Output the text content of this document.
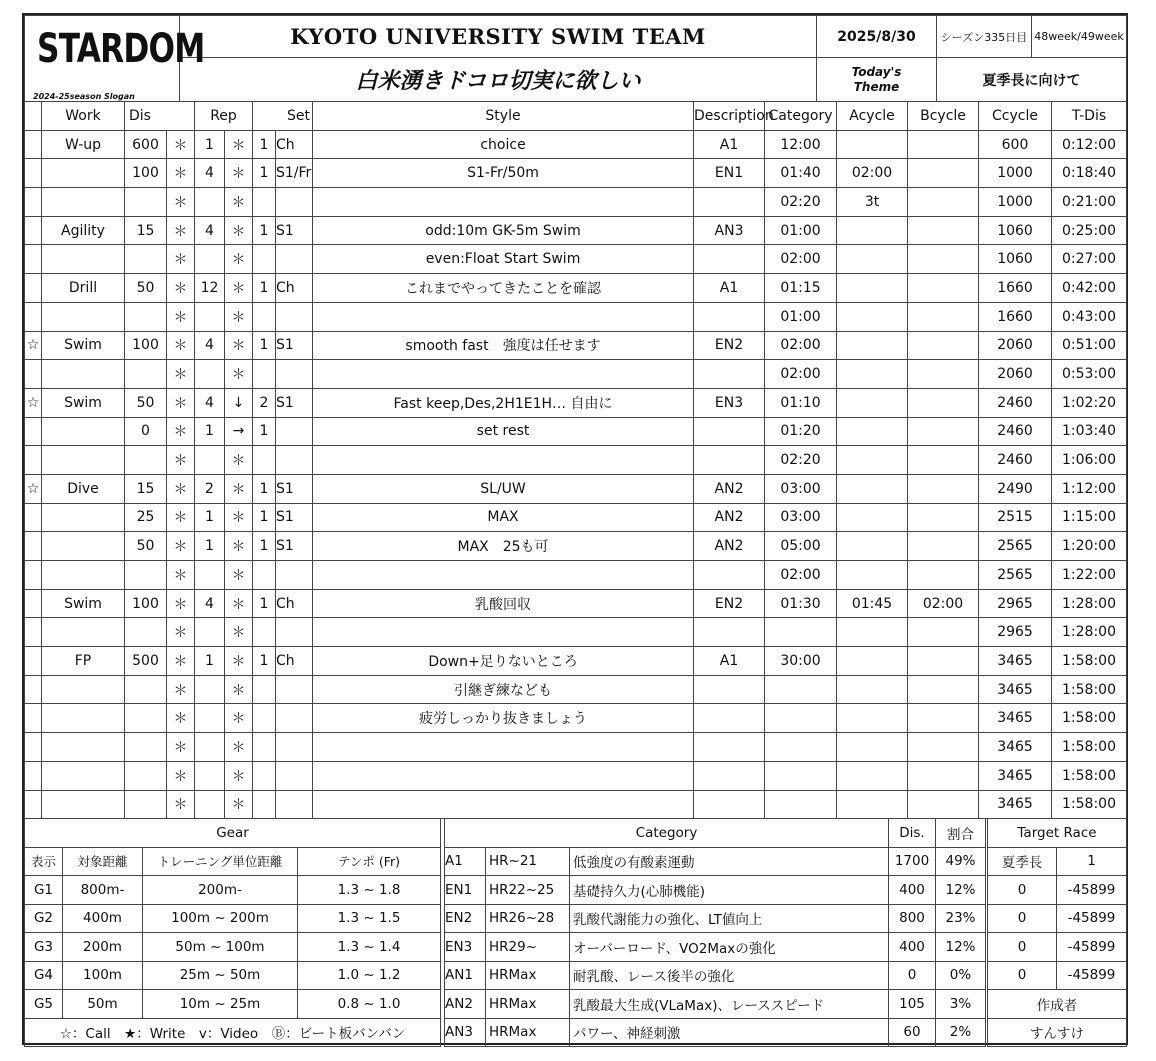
STARDOM
2024-25season Slogan	KYOTO UNIVERSITY SWIM TEAM	2025/8/30	シーズン335日目	48week/49week
	白米湧きドコロ切実に欲しい	Today's
Theme	夏季長に向けて	
	Work	Dis		Rep		Set		Style	Description	Category	Acycle	Bcycle	Ccycle	T-Dis	
	W-up	600	＊	1	＊	1	Ch	choice	A1	12:00			600	0:12:00	
		100	＊	4	＊	1	S1/Fr	S1-Fr/50m	EN1	01:40	02:00		1000	0:18:40	
			＊		＊					02:20	3t		1000	0:21:00	
	Agility	15	＊	4	＊	1	S1	odd:10m GK-5m Swim	AN3	01:00			1060	0:25:00	
			＊		＊			even:Float Start Swim		02:00			1060	0:27:00	
	Drill	50	＊	12	＊	1	Ch	これまでやってきたことを確認	A1	01:15			1660	0:42:00	
			＊		＊					01:00			1660	0:43:00	
☆	Swim	100	＊	4	＊	1	S1	smooth fast　強度は任せます	EN2	02:00			2060	0:51:00	
			＊		＊					02:00			2060	0:53:00	
☆	Swim	50	＊	4	↓	2	S1	Fast keep,Des,2H1E1H… 自由に	EN3	01:10			2460	1:02:20	
		0	＊	1	→	1		set rest		01:20			2460	1:03:40	
			＊		＊					02:20			2460	1:06:00	
☆	Dive	15	＊	2	＊	1	S1	SL/UW	AN2	03:00			2490	1:12:00	
		25	＊	1	＊	1	S1	MAX	AN2	03:00			2515	1:15:00	
		50	＊	1	＊	1	S1	MAX　25も可	AN2	05:00			2565	1:20:00	
			＊		＊					02:00			2565	1:22:00	
	Swim	100	＊	4	＊	1	Ch	乳酸回収	EN2	01:30	01:45	02:00	2965	1:28:00	
			＊		＊								2965	1:28:00	
	FP	500	＊	1	＊	1	Ch	Down+足りないところ	A1	30:00			3465	1:58:00	
			＊		＊			引継ぎ練なども					3465	1:58:00	
			＊		＊			疲労しっかり抜きましょう					3465	1:58:00	
			＊		＊								3465	1:58:00	
			＊		＊								3465	1:58:00	
			＊		＊								3465	1:58:00	
Gear			
表示	対象距離	トレーニング単位距離	テンポ (Fr)
G1	800m-	200m-	1.3 ~ 1.8
G2	400m	100m ~ 200m	1.3 ~ 1.5
G3	200m	50m ~ 100m	1.3 ~ 1.4
G4	100m	25m ~ 50m	1.0 ~ 1.2
G5	50m	10m ~ 25m	0.8 ~ 1.0
☆：Call　★：Write　v：Video　Ⓑ：ビート板バンバン			
Category			Dis.	割合
A1	HR~21	低強度の有酸素運動	1700	49%
EN1	HR22~25	基礎持久力(心肺機能)	400	12%
EN2	HR26~28	乳酸代謝能力の強化、LT値向上	800	23%
EN3	HR29~	オーバーロード、VO2Maxの強化	400	12%
AN1	HRMax	耐乳酸、レース後半の強化	0	0%
AN2	HRMax	乳酸最大生成(VLaMax)、レーススピード	105	3%
AN3	HRMax	パワー、神経刺激	60	2%
Target Race	
夏季長	1
0	-45899
0	-45899
0	-45899
0	-45899
作成者	
すんすけ	
